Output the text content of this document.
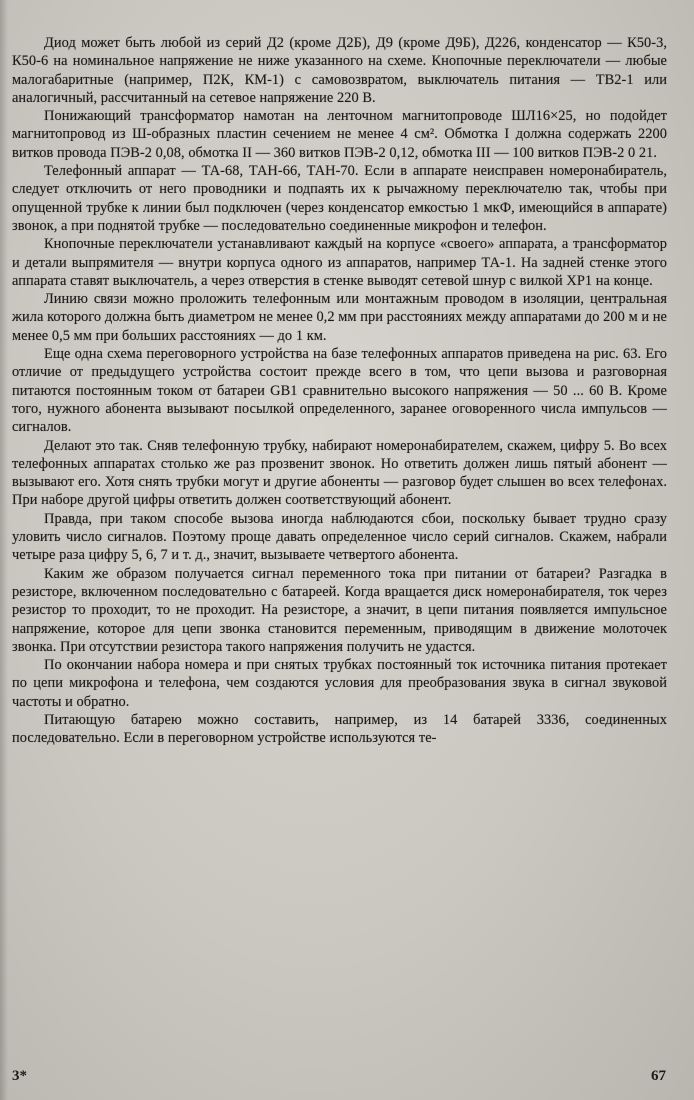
Диод может быть любой из серий Д2 (кроме Д2Б), Д9 (кроме Д9Б), Д226, конденсатор — К50-3, К50-6 на номинальное напряжение не ниже указанного на схеме. Кнопочные переключатели — любые малогабаритные (например, П2К, КМ-1) с самовозвратом, выключатель питания — ТВ2-1 или аналогичный, рассчитанный на сетевое напряжение 220 В.

Понижающий трансформатор намотан на ленточном магнитопроводе ШЛ16×25, но подойдет магнитопровод из Ш-образных пластин сечением не менее 4 см². Обмотка I должна содержать 2200 витков провода ПЭВ-2 0,08, обмотка II — 360 витков ПЭВ-2 0,12, обмотка III — 100 витков ПЭВ-2 0 21.

Телефонный аппарат — ТА-68, ТАН-66, ТАН-70. Если в аппарате неисправен номеронабиратель, следует отключить от него проводники и подпаять их к рычажному переключателю так, чтобы при опущенной трубке к линии был подключен (через конденсатор емкостью 1 мкФ, имеющийся в аппарате) звонок, а при поднятой трубке — последовательно соединенные микрофон и телефон.

Кнопочные переключатели устанавливают каждый на корпусе «своего» аппарата, а трансформатор и детали выпрямителя — внутри корпуса одного из аппаратов, например ТА-1. На задней стенке этого аппарата ставят выключатель, а через отверстия в стенке выводят сетевой шнур с вилкой ХР1 на конце.

Линию связи можно проложить телефонным или монтажным проводом в изоляции, центральная жила которого должна быть диаметром не менее 0,2 мм при расстояниях между аппаратами до 200 м и не менее 0,5 мм при больших расстояниях — до 1 км.

Еще одна схема переговорного устройства на базе телефонных аппаратов приведена на рис. 63. Его отличие от предыдущего устройства состоит прежде всего в том, что цепи вызова и разговорная питаются постоянным током от батареи GB1 сравнительно высокого напряжения — 50 ... 60 В. Кроме того, нужного абонента вызывают посылкой определенного, заранее оговоренного числа импульсов — сигналов.

Делают это так. Сняв телефонную трубку, набирают номеронабирателем, скажем, цифру 5. Во всех телефонных аппаратах столько же раз прозвенит звонок. Но ответить должен лишь пятый абонент — вызывают его. Хотя снять трубки могут и другие абоненты — разговор будет слышен во всех телефонах. При наборе другой цифры ответить должен соответствующий абонент.

Правда, при таком способе вызова иногда наблюдаются сбои, поскольку бывает трудно сразу уловить число сигналов. Поэтому проще давать определенное число серий сигналов. Скажем, набрали четыре раза цифру 5, 6, 7 и т. д., значит, вызываете четвертого абонента.

Каким же образом получается сигнал переменного тока при питании от батареи? Разгадка в резисторе, включенном последовательно с батареей. Когда вращается диск номеронабирателя, ток через резистор то проходит, то не проходит. На резисторе, а значит, в цепи питания появляется импульсное напряжение, которое для цепи звонка становится переменным, приводящим в движение молоточек звонка. При отсутствии резистора такого напряжения получить не удастся.

По окончании набора номера и при снятых трубках постоянный ток источника питания протекает по цепи микрофона и телефона, чем создаются условия для преобразования звука в сигнал звуковой частоты и обратно.

Питающую батарею можно составить, например, из 14 батарей 3336, соединенных последовательно. Если в переговорном устройстве используются те-

3*	67
